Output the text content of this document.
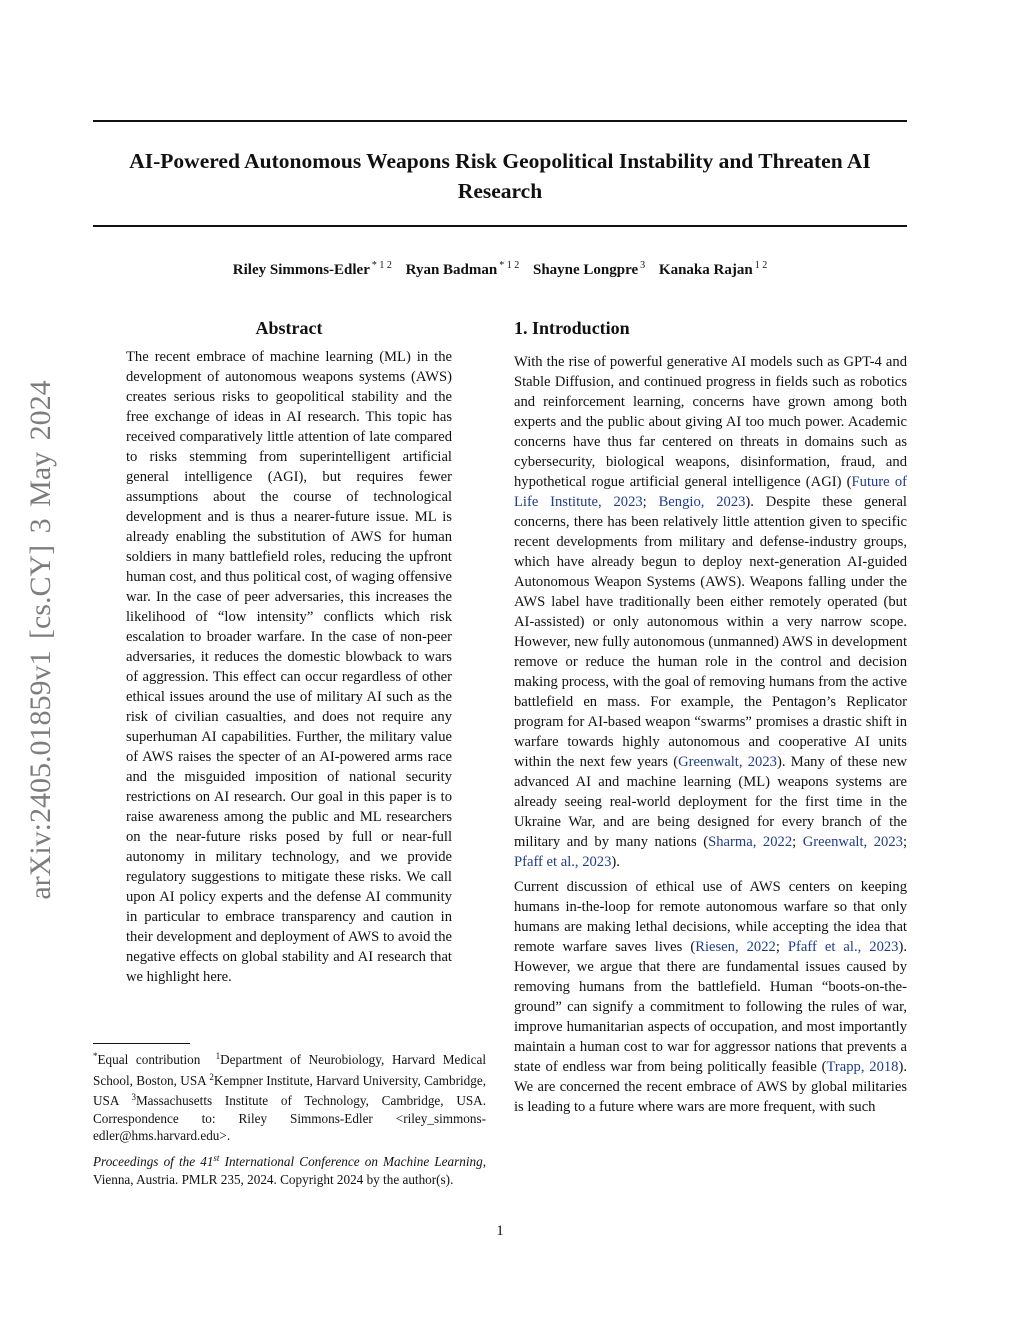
arXiv:2405.01859v1 [cs.CY] 3 May 2024
AI-Powered Autonomous Weapons Risk Geopolitical Instability and Threaten AI Research
Riley Simmons-Edler $^{* 1 2}$ Ryan Badman $^{* 1 2}$ Shayne Longpre $^3$ Kanaka Rajan $^{1 2}$
Abstract
The recent embrace of machine learning (ML) in the development of autonomous weapons systems (AWS) creates serious risks to geopolitical stability and the free exchange of ideas in AI research. This topic has received comparatively little attention of late compared to risks stemming from superintelligent artificial general intelligence (AGI), but requires fewer assumptions about the course of technological development and is thus a nearer-future issue. ML is already enabling the substitution of AWS for human soldiers in many battlefield roles, reducing the upfront human cost, and thus political cost, of waging offensive war. In the case of peer adversaries, this increases the likelihood of “low intensity” conflicts which risk escalation to broader warfare. In the case of non-peer adversaries, it reduces the domestic blowback to wars of aggression. This effect can occur regardless of other ethical issues around the use of military AI such as the risk of civilian casualties, and does not require any superhuman AI capabilities. Further, the military value of AWS raises the specter of an AI-powered arms race and the misguided imposition of national security restrictions on AI research. Our goal in this paper is to raise awareness among the public and ML researchers on the near-future risks posed by full or near-full autonomy in military technology, and we provide regulatory suggestions to mitigate these risks. We call upon AI policy experts and the defense AI community in particular to embrace transparency and caution in their development and deployment of AWS to avoid the negative effects on global stability and AI research that we highlight here.
*Equal contribution $^1$Department of Neurobiology, Harvard Medical School, Boston, USA $^2$Kempner Institute, Harvard University, Cambridge, USA $^3$Massachusetts Institute of Technology, Cambridge, USA. Correspondence to: Riley Simmons-Edler <riley_simmons-edler@hms.harvard.edu>.
Proceedings of the 41st International Conference on Machine Learning, Vienna, Austria. PMLR 235, 2024. Copyright 2024 by the author(s).
1. Introduction

With the rise of powerful generative AI models such as GPT-4 and Stable Diffusion, and continued progress in fields such as robotics and reinforcement learning, concerns have grown among both experts and the public about giving AI too much power. Academic concerns have thus far centered on threats in domains such as cybersecurity, biological weapons, disinformation, fraud, and hypothetical rogue artificial general intelligence (AGI) (Future of Life Institute, 2023; Bengio, 2023). Despite these general concerns, there has been relatively little attention given to specific recent developments from military and defense-industry groups, which have already begun to deploy next-generation AI-guided Autonomous Weapon Systems (AWS). Weapons falling under the AWS label have traditionally been either remotely operated (but AI-assisted) or only autonomous within a very narrow scope. However, new fully autonomous (unmanned) AWS in development remove or reduce the human role in the control and decision making process, with the goal of removing humans from the active battlefield en mass. For example, the Pentagon’s Replicator program for AI-based weapon “swarms” promises a drastic shift in warfare towards highly autonomous and cooperative AI units within the next few years (Greenwalt, 2023). Many of these new advanced AI and machine learning (ML) weapons systems are already seeing real-world deployment for the first time in the Ukraine War, and are being designed for every branch of the military and by many nations (Sharma, 2022; Greenwalt, 2023; Pfaff et al., 2023).

Current discussion of ethical use of AWS centers on keeping humans in-the-loop for remote autonomous warfare so that only humans are making lethal decisions, while accepting the idea that remote warfare saves lives (Riesen, 2022; Pfaff et al., 2023). However, we argue that there are fundamental issues caused by removing humans from the battlefield. Human “boots-on-the-ground” can signify a commitment to following the rules of war, improve humanitarian aspects of occupation, and most importantly maintain a human cost to war for aggressor nations that prevents a state of endless war from being politically feasible (Trapp, 2018). We are concerned the recent embrace of AWS by global militaries is leading to a future where wars are more frequent, with such

1
